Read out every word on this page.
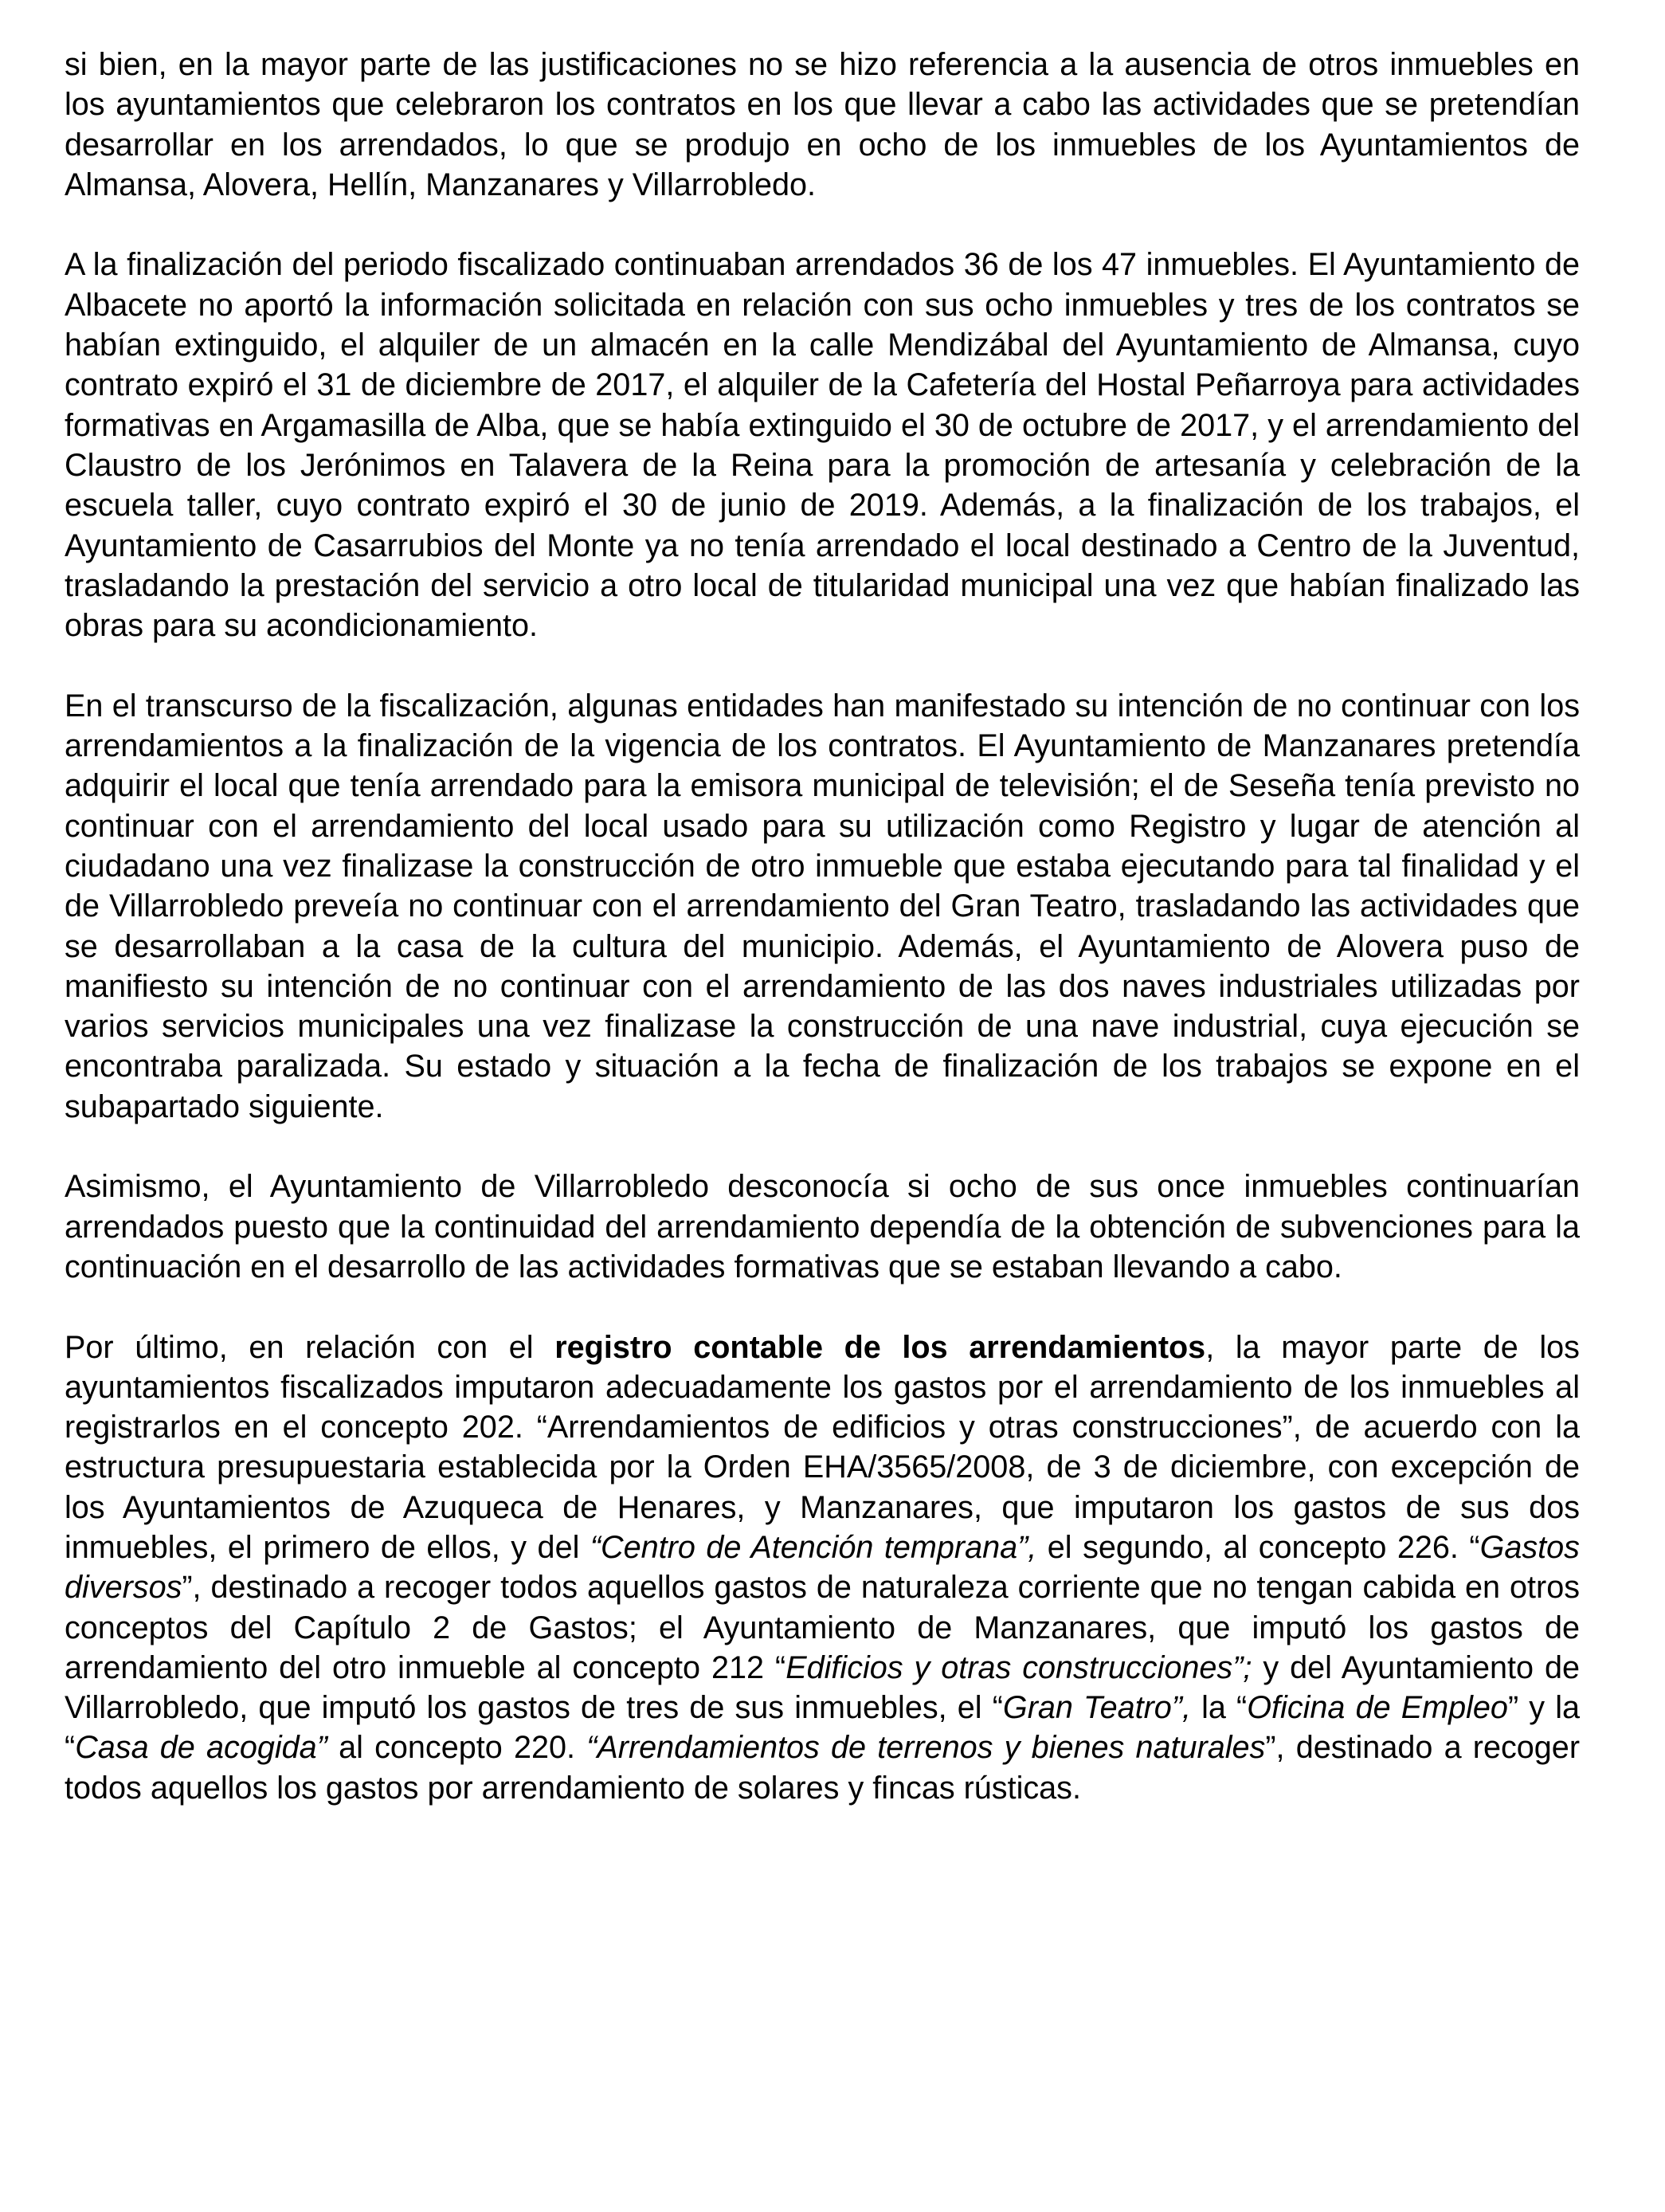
si bien, en la mayor parte de las justificaciones no se hizo referencia a la ausencia de otros inmuebles en los ayuntamientos que celebraron los contratos en los que llevar a cabo las actividades que se pretendían desarrollar en los arrendados, lo que se produjo en ocho de los inmuebles de los Ayuntamientos de Almansa, Alovera, Hellín, Manzanares y Villarrobledo.

A la finalización del periodo fiscalizado continuaban arrendados 36 de los 47 inmuebles. El Ayuntamiento de Albacete no aportó la información solicitada en relación con sus ocho inmuebles y tres de los contratos se habían extinguido, el alquiler de un almacén en la calle Mendizábal del Ayuntamiento de Almansa, cuyo contrato expiró el 31 de diciembre de 2017, el alquiler de la Cafetería del Hostal Peñarroya para actividades formativas en Argamasilla de Alba, que se había extinguido el 30 de octubre de 2017, y el arrendamiento del Claustro de los Jerónimos en Talavera de la Reina para la promoción de artesanía y celebración de la escuela taller, cuyo contrato expiró el 30 de junio de 2019. Además, a la finalización de los trabajos, el Ayuntamiento de Casarrubios del Monte ya no tenía arrendado el local destinado a Centro de la Juventud, trasladando la prestación del servicio a otro local de titularidad municipal una vez que habían finalizado las obras para su acondicionamiento.

En el transcurso de la fiscalización, algunas entidades han manifestado su intención de no continuar con los arrendamientos a la finalización de la vigencia de los contratos. El Ayuntamiento de Manzanares pretendía adquirir el local que tenía arrendado para la emisora municipal de televisión; el de Seseña tenía previsto no continuar con el arrendamiento del local usado para su utilización como Registro y lugar de atención al ciudadano una vez finalizase la construcción de otro inmueble que estaba ejecutando para tal finalidad y el de Villarrobledo preveía no continuar con el arrendamiento del Gran Teatro, trasladando las actividades que se desarrollaban a la casa de la cultura del municipio. Además, el Ayuntamiento de Alovera puso de manifiesto su intención de no continuar con el arrendamiento de las dos naves industriales utilizadas por varios servicios municipales una vez finalizase la construcción de una nave industrial, cuya ejecución se encontraba paralizada. Su estado y situación a la fecha de finalización de los trabajos se expone en el subapartado siguiente.

Asimismo, el Ayuntamiento de Villarrobledo desconocía si ocho de sus once inmuebles continuarían arrendados puesto que la continuidad del arrendamiento dependía de la obtención de subvenciones para la continuación en el desarrollo de las actividades formativas que se estaban llevando a cabo.

Por último, en relación con el registro contable de los arrendamientos, la mayor parte de los ayuntamientos fiscalizados imputaron adecuadamente los gastos por el arrendamiento de los inmuebles al registrarlos en el concepto 202. “Arrendamientos de edificios y otras construcciones”, de acuerdo con la estructura presupuestaria establecida por la Orden EHA/3565/2008, de 3 de diciembre, con excepción de los Ayuntamientos de Azuqueca de Henares, y Manzanares, que imputaron los gastos de sus dos inmuebles, el primero de ellos, y del “Centro de Atención temprana”, el segundo, al concepto 226. “Gastos diversos”, destinado a recoger todos aquellos gastos de naturaleza corriente que no tengan cabida en otros conceptos del Capítulo 2 de Gastos; el Ayuntamiento de Manzanares, que imputó los gastos de arrendamiento del otro inmueble al concepto 212 “Edificios y otras construcciones”; y del Ayuntamiento de Villarrobledo, que imputó los gastos de tres de sus inmuebles, el “Gran Teatro”, la “Oficina de Empleo” y la “Casa de acogida” al concepto 220. “Arrendamientos de terrenos y bienes naturales”, destinado a recoger todos aquellos los gastos por arrendamiento de solares y fincas rústicas.
